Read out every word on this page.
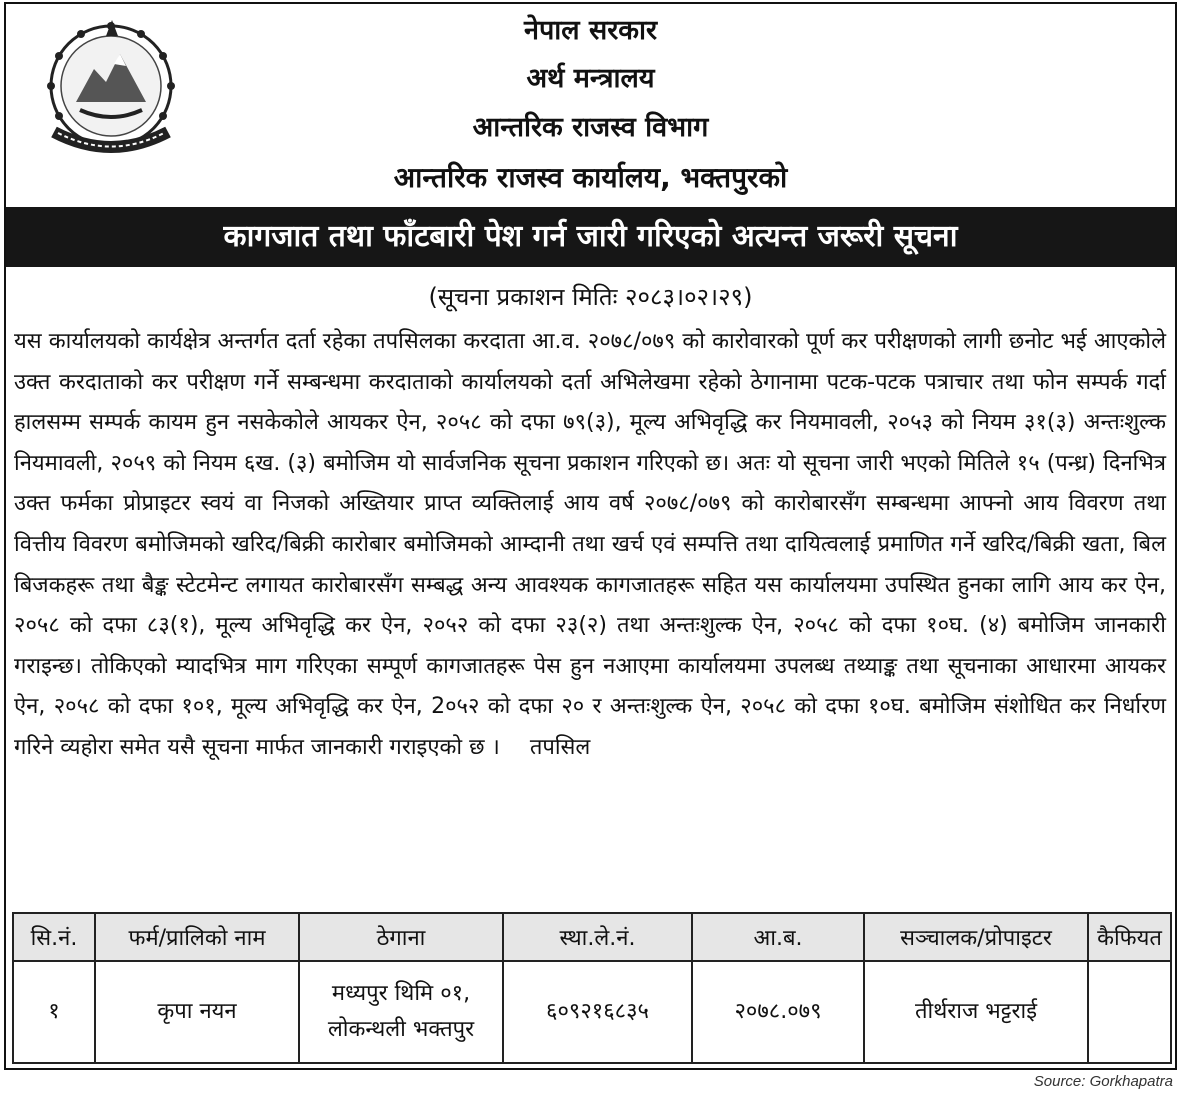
नेपाल सरकार
अर्थ मन्त्रालय
आन्तरिक राजस्व विभाग
आन्तरिक राजस्व कार्यालय, भक्तपुरको
कागजात तथा फाँटबारी पेश गर्न जारी गरिएको अत्यन्त जरूरी सूचना
(सूचना प्रकाशन मितिः २०८३।०२।२९)

यस कार्यालयको कार्यक्षेत्र अन्तर्गत दर्ता रहेका तपसिलका करदाता आ.व. २०७८/०७९ को कारोवारको पूर्ण कर परीक्षणको लागी छनोट भई आएकोले उक्त करदाताको कर परीक्षण गर्ने सम्बन्धमा करदाताको कार्यालयको दर्ता अभिलेखमा रहेको ठेगानामा पटक-पटक पत्राचार तथा फोन सम्पर्क गर्दा हालसम्म सम्पर्क कायम हुन नसकेकोले आयकर ऐन, २०५८ को दफा ७९(३), मूल्य अभिवृद्धि कर नियमावली, २०५३ को नियम ३१(३) अन्तःशुल्क नियमावली, २०५९ को नियम ६ख. (३) बमोजिम यो सार्वजनिक सूचना प्रकाशन गरिएको छ। अतः यो सूचना जारी भएको मितिले १५ (पन्ध्र) दिनभित्र उक्त फर्मका प्रोप्राइटर स्वयं वा निजको अख्तियार प्राप्त व्यक्तिलाई आय वर्ष २०७८/०७९ को कारोबारसँग सम्बन्धमा आफ्नो आय विवरण तथा वित्तीय विवरण बमोजिमको खरिद/बिक्री कारोबार बमोजिमको आम्दानी तथा खर्च एवं सम्पत्ति तथा दायित्वलाई प्रमाणित गर्ने खरिद/बिक्री खता, बिल बिजकहरू तथा बैङ्क स्टेटमेन्ट लगायत कारोबारसँग सम्बद्ध अन्य आवश्यक कागजातहरू सहित यस कार्यालयमा उपस्थित हुनका लागि आय कर ऐन, २०५८ को दफा ८३(१), मूल्य अभिवृद्धि कर ऐन, २०५२ को दफा २३(२) तथा अन्तःशुल्क ऐन, २०५८ को दफा १०घ. (४) बमोजिम जानकारी गराइन्छ। तोकिएको म्यादभित्र माग गरिएका सम्पूर्ण कागजातहरू पेस हुन नआएमा कार्यालयमा उपलब्ध तथ्याङ्क तथा सूचनाका आधारमा आयकर ऐन, २०५८ को दफा १०१, मूल्य अभिवृद्धि कर ऐन, 2०५२ को दफा २० र अन्तःशुल्क ऐन, २०५८ को दफा १०घ. बमोजिम संशोधित कर निर्धारण गरिने व्यहोरा समेत यसै सूचना मार्फत जानकारी गराइएको छ । तपसिल

सि.नं.	फर्म/प्रालिको नाम	ठेगाना	स्था.ले.नं.	आ.ब.	सञ्चालक/प्रोपाइटर	कैफियत
१	कृपा नयन	मध्यपुर थिमि ०१,
लोकन्थली भक्तपुर	६०९२१६८३५	२०७८.०७९	तीर्थराज भट्टराई	
Source: Gorkhapatra
